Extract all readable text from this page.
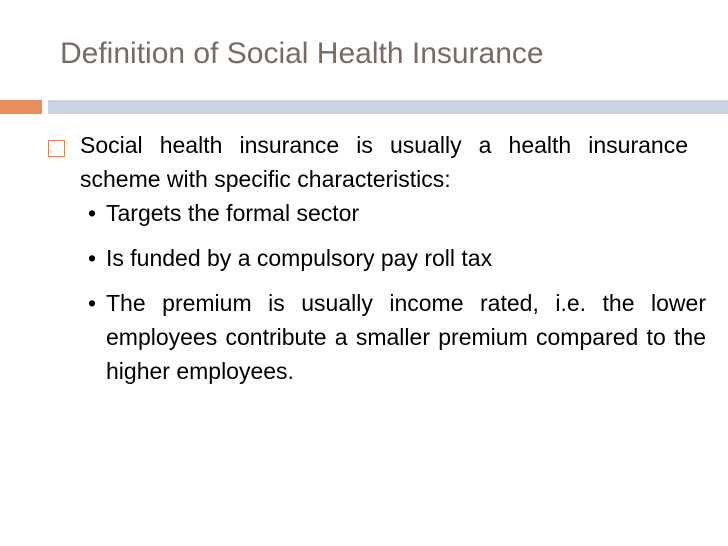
Definition of Social Health Insurance

Social health insurance is usually a health insurance scheme with specific characteristics:

• Targets the formal sector

• Is funded by a compulsory pay roll tax

• The premium is usually income rated, i.e. the lower employees contribute a smaller premium compared to the higher employees.
